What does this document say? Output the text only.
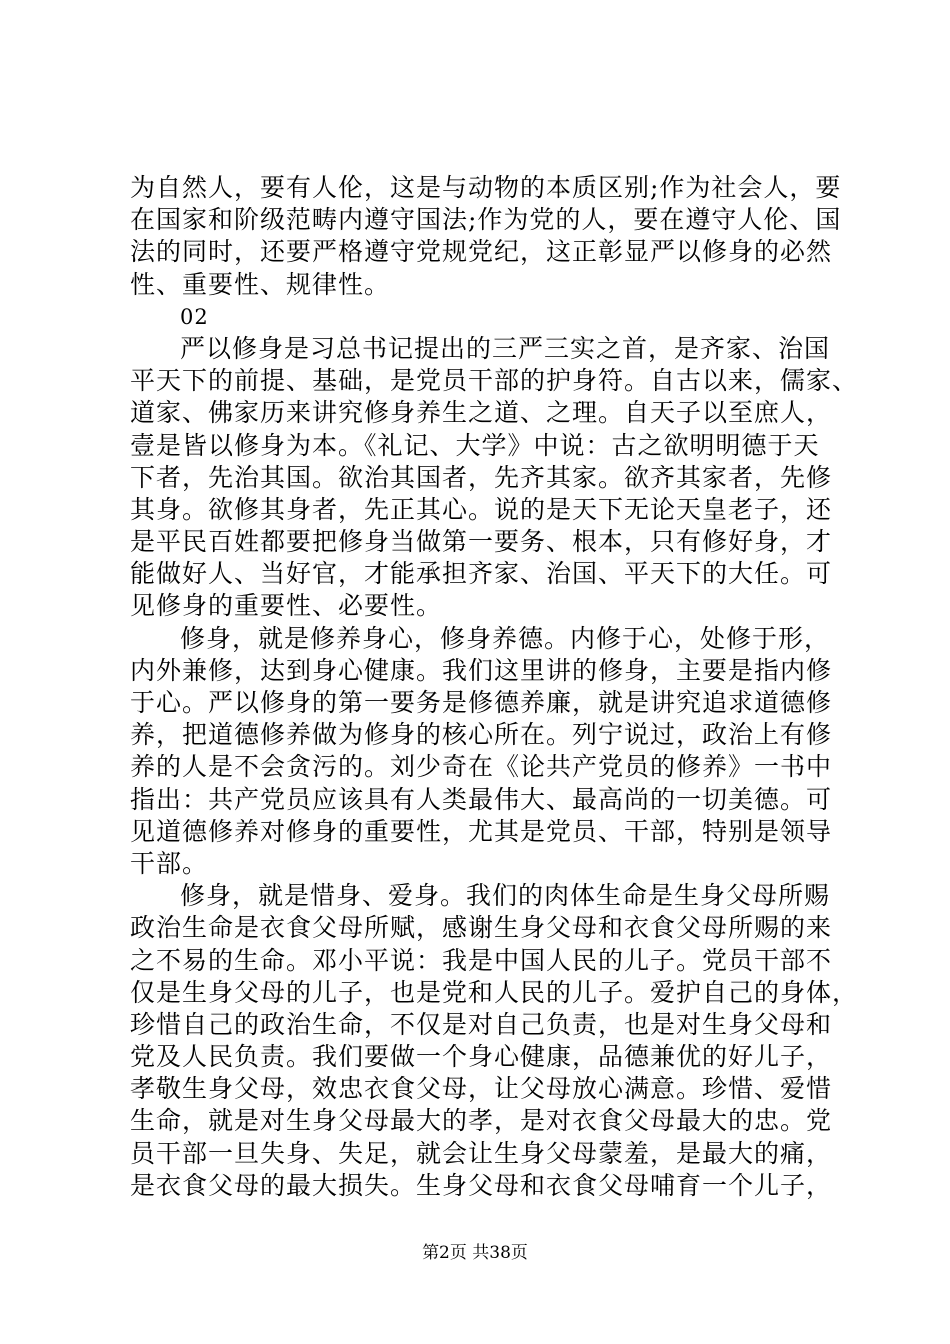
为自然人，要有人伦，这是与动物的本质区别;作为社会人，要
在国家和阶级范畴内遵守国法;作为党的人，要在遵守人伦、国
法的同时，还要严格遵守党规党纪，这正彰显严以修身的必然
性、重要性、规律性。
02
严以修身是习总书记提出的三严三实之首，是齐家、治国
平天下的前提、基础，是党员干部的护身符。自古以来，儒家、
道家、佛家历来讲究修身养生之道、之理。自天子以至庶人，
壹是皆以修身为本。《礼记、大学》中说：古之欲明明德于天
下者，先治其国。欲治其国者，先齐其家。欲齐其家者，先修
其身。欲修其身者，先正其心。说的是天下无论天皇老子，还
是平民百姓都要把修身当做第一要务、根本，只有修好身，才
能做好人、当好官，才能承担齐家、治国、平天下的大任。可
见修身的重要性、必要性。
修身，就是修养身心，修身养德。内修于心，处修于形，
内外兼修，达到身心健康。我们这里讲的修身，主要是指内修
于心。严以修身的第一要务是修德养廉，就是讲究追求道德修
养，把道德修养做为修身的核心所在。列宁说过，政治上有修
养的人是不会贪污的。刘少奇在《论共产党员的修养》一书中
指出：共产党员应该具有人类最伟大、最高尚的一切美德。可
见道德修养对修身的重要性，尤其是党员、干部，特别是领导
干部。
修身，就是惜身、爱身。我们的肉体生命是生身父母所赐
政治生命是衣食父母所赋，感谢生身父母和衣食父母所赐的来
之不易的生命。邓小平说：我是中国人民的儿子。党员干部不
仅是生身父母的儿子，也是党和人民的儿子。爱护自己的身体，
珍惜自己的政治生命，不仅是对自己负责，也是对生身父母和
党及人民负责。我们要做一个身心健康，品德兼优的好儿子，
孝敬生身父母，效忠衣食父母，让父母放心满意。珍惜、爱惜
生命，就是对生身父母最大的孝，是对衣食父母最大的忠。党
员干部一旦失身、失足，就会让生身父母蒙羞，是最大的痛，
是衣食父母的最大损失。生身父母和衣食父母哺育一个儿子，
第2页 共38页
